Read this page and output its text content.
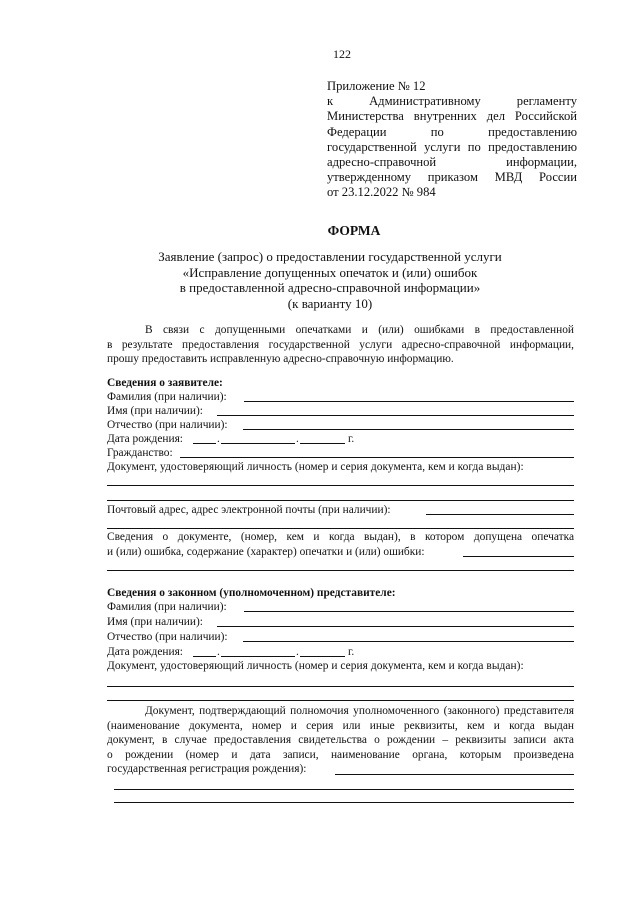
122
Приложение № 12
к Административному регламенту
Министерства внутренних дел Российской
Федерации по предоставлению
государственной услуги по предоставлению
адресно-справочной информации,
утвержденному приказом МВД России
от 23.12.2022 № 984
ФОРМА
Заявление (запрос) о предоставлении государственной услуги
«Исправление допущенных опечаток и (или) ошибок
в предоставленной адресно-справочной информации»
(к варианту 10)
В связи с допущенными опечатками и (или) ошибками в предоставленной
в результате предоставления государственной услуги адресно-справочной информации,
прошу предоставить исправленную адресно-справочную информацию.
Сведения о заявителе:
Фамилия (при наличии):
Имя (при наличии):
Отчество (при наличии):
Дата рождения:	.	.	г.
Гражданство:
Документ, удостоверяющий личность (номер и серия документа, кем и когда выдан):
Почтовый адрес, адрес электронной почты (при наличии):
Сведения о документе, (номер, кем и когда выдан), в котором допущена опечатка
и (или) ошибка, содержание (характер) опечатки и (или) ошибки:
Сведения о законном (уполномоченном) представителе:
Фамилия (при наличии):
Имя (при наличии):
Отчество (при наличии):
Дата рождения:	.	.	г.
Документ, удостоверяющий личность (номер и серия документа, кем и когда выдан):
Документ, подтверждающий полномочия уполномоченного (законного) представителя
(наименование документа, номер и серия или иные реквизиты, кем и когда выдан
документ, в случае предоставления свидетельства о рождении – реквизиты записи акта
о рождении (номер и дата записи, наименование органа, которым произведена
государственная регистрация рождения):
